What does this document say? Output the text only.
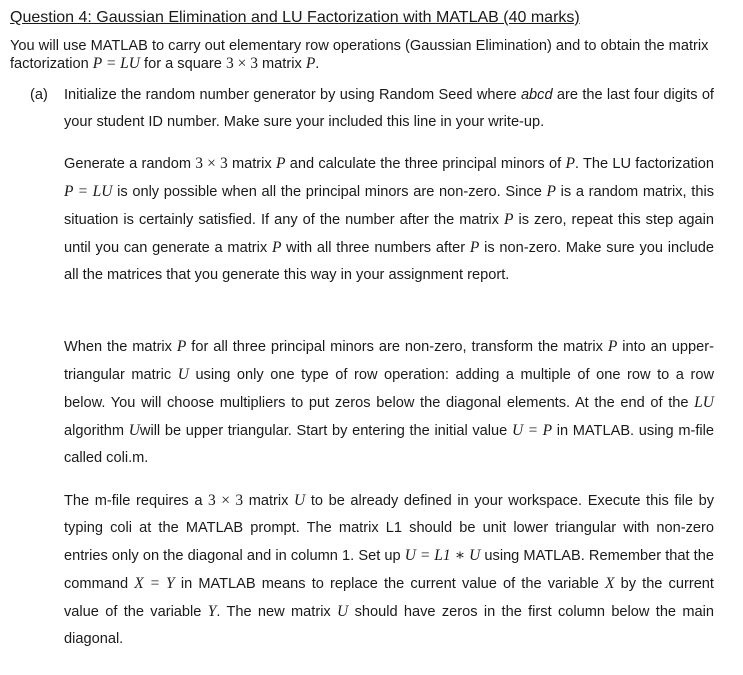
Question 4: Gaussian Elimination and LU Factorization with MATLAB (40 marks)
You will use MATLAB to carry out elementary row operations (Gaussian Elimination) and to obtain the matrix factorization P = LU for a square 3 × 3 matrix P.
(a) Initialize the random number generator by using Random Seed where abcd are the last four digits of your student ID number. Make sure your included this line in your write-up.
Generate a random 3 × 3 matrix P and calculate the three principal minors of P. The LU factorization P = LU is only possible when all the principal minors are non-zero. Since P is a random matrix, this situation is certainly satisfied. If any of the number after the matrix P is zero, repeat this step again until you can generate a matrix P with all three numbers after P is non-zero. Make sure you include all the matrices that you generate this way in your assignment report.
When the matrix P for all three principal minors are non-zero, transform the matrix P into an upper-triangular matric U using only one type of row operation: adding a multiple of one row to a row below. You will choose multipliers to put zeros below the diagonal elements. At the end of the LU algorithm Uwill be upper triangular. Start by entering the initial value U = P in MATLAB. using m-file called coli.m.
The m-file requires a 3 × 3 matrix U to be already defined in your workspace. Execute this file by typing coli at the MATLAB prompt. The matrix L1 should be unit lower triangular with non-zero entries only on the diagonal and in column 1. Set up U = L1 ∗ U using MATLAB. Remember that the command X = Y in MATLAB means to replace the current value of the variable X by the current value of the variable Y. The new matrix U should have zeros in the first column below the main diagonal.
